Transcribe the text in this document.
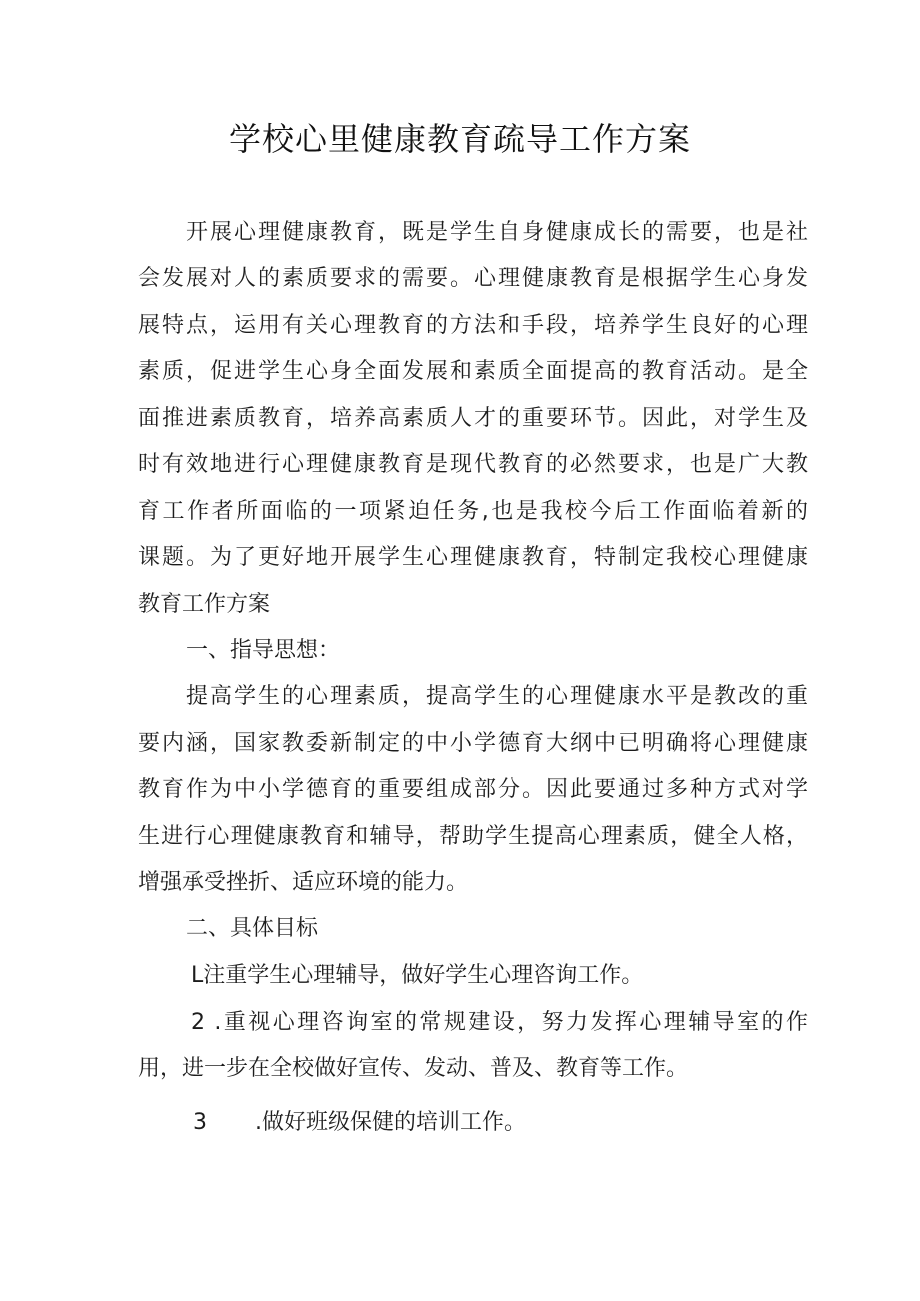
学校心里健康教育疏导工作方案
开展心理健康教育，既是学生自身健康成长的需要，也是社
会发展对人的素质要求的需要。心理健康教育是根据学生心身发
展特点，运用有关心理教育的方法和手段，培养学生良好的心理
素质，促进学生心身全面发展和素质全面提高的教育活动。是全
面推进素质教育，培养高素质人才的重要环节。因此，对学生及
时有效地进行心理健康教育是现代教育的必然要求，也是广大教
育工作者所面临的一项紧迫任务,也是我校今后工作面临着新的
课题。为了更好地开展学生心理健康教育，特制定我校心理健康
教育工作方案
一、指导思想：
提高学生的心理素质，提高学生的心理健康水平是教改的重
要内涵，国家教委新制定的中小学德育大纲中已明确将心理健康
教育作为中小学德育的重要组成部分。因此要通过多种方式对学
生进行心理健康教育和辅导，帮助学生提高心理素质，健全人格，
增强承受挫折、适应环境的能力。
二、具体目标
L注重学生心理辅导，做好学生心理咨询工作。
2 .重视心理咨询室的常规建设，努力发挥心理辅导室的作
用，进一步在全校做好宣传、发动、普及、教育等工作。
3 .做好班级保健的培训工作。
